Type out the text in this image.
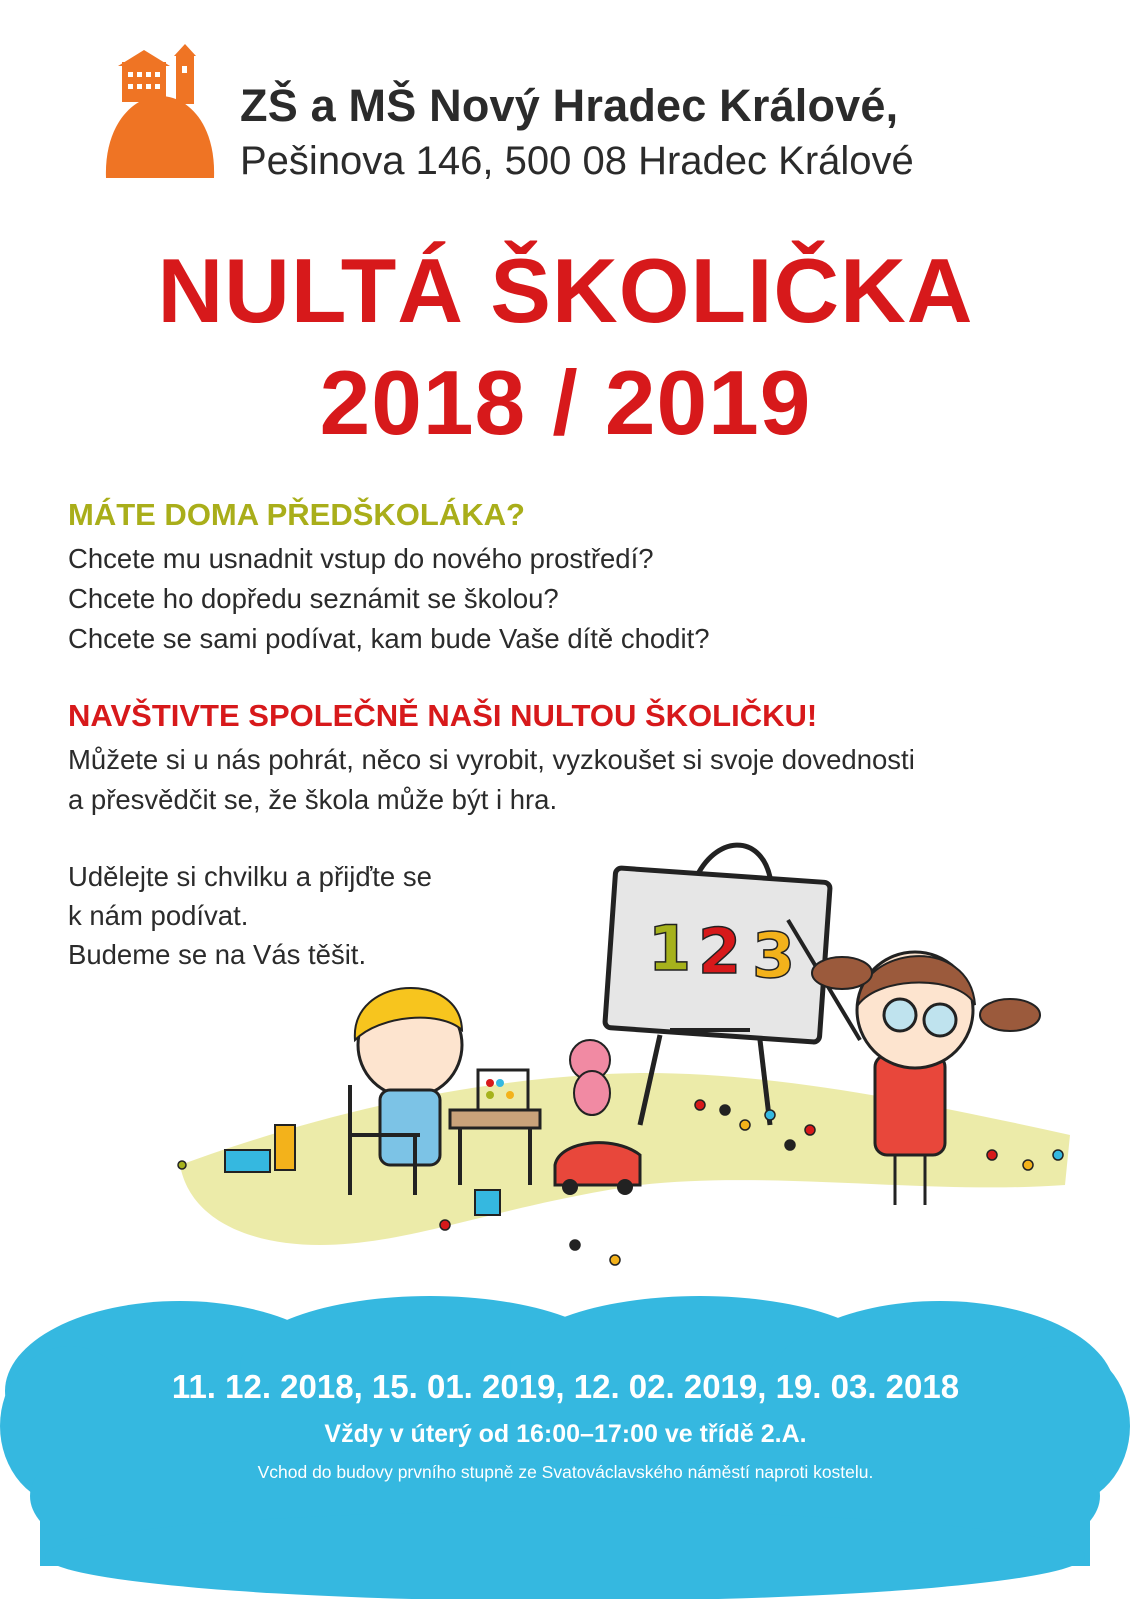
ZŠ a MŠ Nový Hradec Králové,
Pešinova 146, 500 08 Hradec Králové
NULTÁ ŠKOLIČKA
2018 / 2019
MÁTE DOMA PŘEDŠKOLÁKA?
Chcete mu usnadnit vstup do nového prostředí?
Chcete ho dopředu seznámit se školou?
Chcete se sami podívat, kam bude Vaše dítě chodit?
NAVŠTIVTE SPOLEČNĚ NAŠI NULTOU ŠKOLIČKU!
Můžete si u nás pohrát, něco si vyrobit, vyzkoušet si svoje dovednosti
a přesvědčit se, že škola může být i hra.
Udělejte si chvilku a přijďte se
k nám podívat.
Budeme se na Vás těšit.	1 2 3
11. 12. 2018, 15. 01. 2019, 12. 02. 2019, 19. 03. 2018
Vždy v úterý od 16:00–17:00 ve třídě 2.A.
Vchod do budovy prvního stupně ze Svatováclavského náměstí naproti kostelu.
